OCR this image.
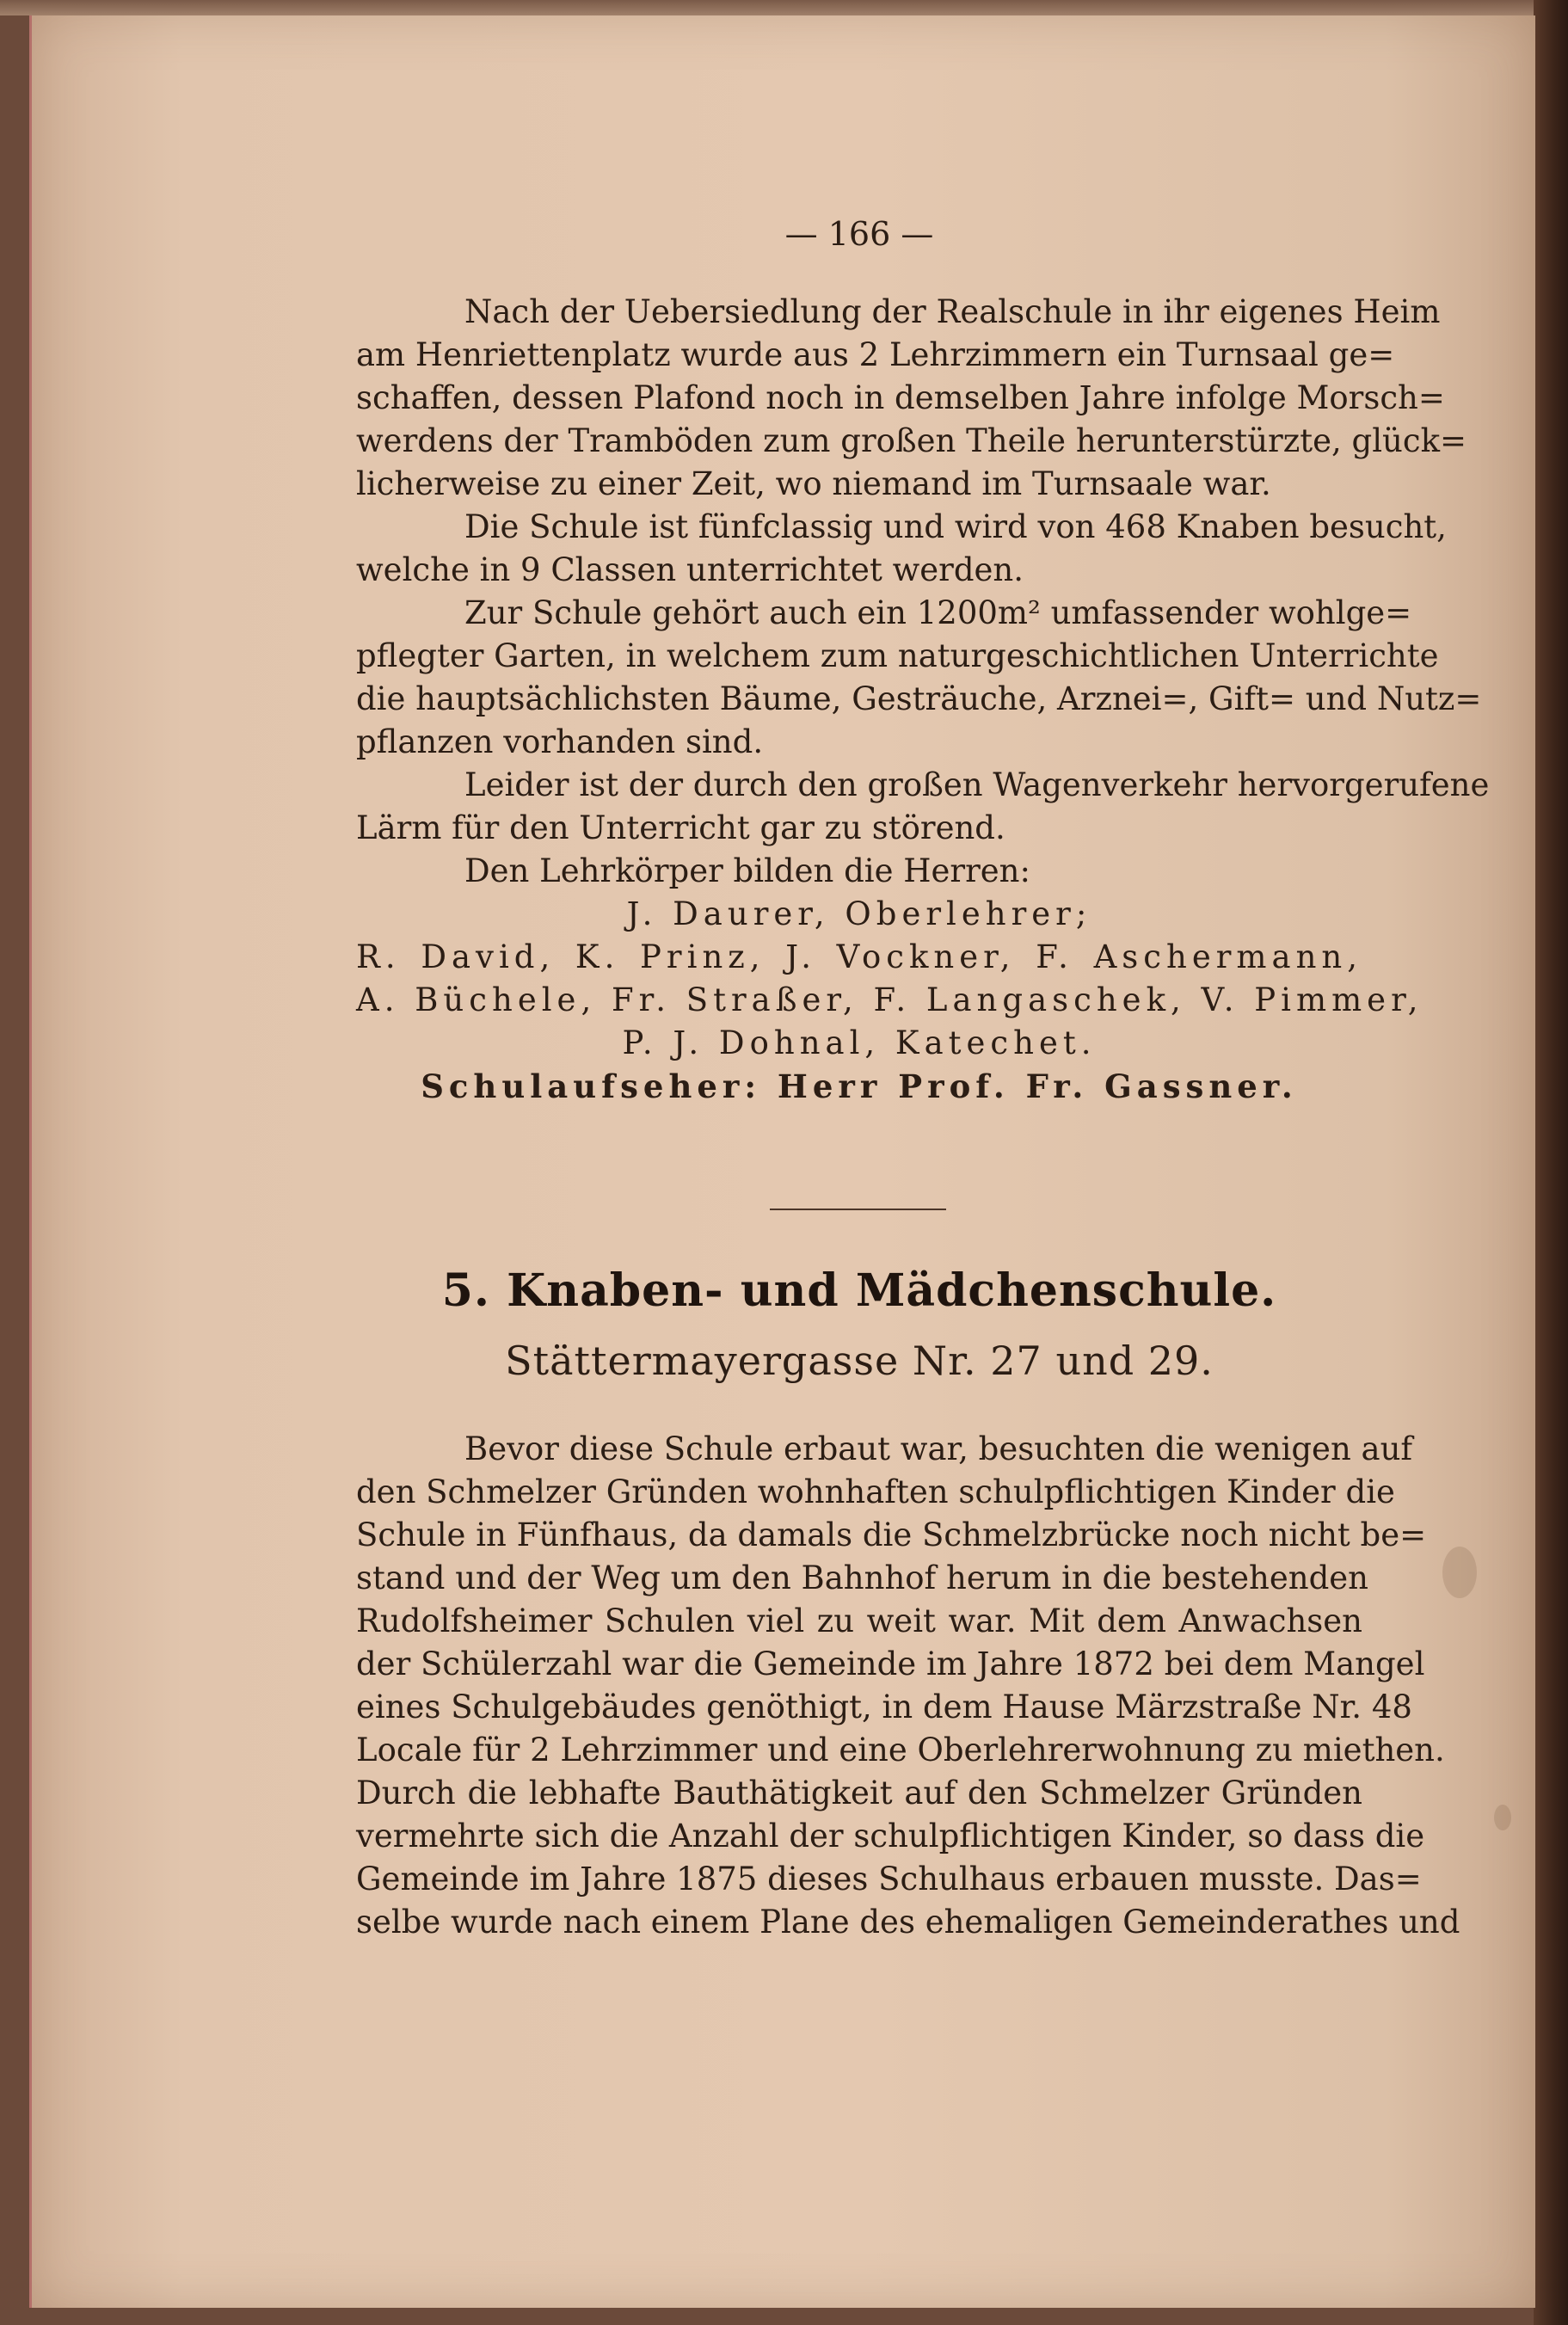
— 166 —
Nach der Uebersiedlung der Realschule in ihr eigenes Heim
am Henriettenplatz wurde aus 2 Lehrzimmern ein Turnsaal ge=
schaffen, dessen Plafond noch in demselben Jahre infolge Morsch=
werdens der Tramböden zum großen Theile herunterstürzte, glück=
licherweise zu einer Zeit, wo niemand im Turnsaale war.
Die Schule ist fünfclassig und wird von 468 Knaben besucht,
welche in 9 Classen unterrichtet werden.
Zur Schule gehört auch ein 1200m² umfassender wohlge=
pflegter Garten, in welchem zum naturgeschichtlichen Unterrichte
die hauptsächlichsten Bäume, Gesträuche, Arznei=, Gift= und Nutz=
pflanzen vorhanden sind.
Leider ist der durch den großen Wagenverkehr hervorgerufene
Lärm für den Unterricht gar zu störend.
Den Lehrkörper bilden die Herren:
J. Daurer, Oberlehrer;
R. David, K. Prinz, J. Vockner, F. Aschermann,
A. Büchele, Fr. Straßer, F. Langaschek, V. Pimmer,
P. J. Dohnal, Katechet.
Schulaufseher: Herr Prof. Fr. Gassner.
5. Knaben- und Mädchenschule.
Stättermayergasse Nr. 27 und 29.
Bevor diese Schule erbaut war, besuchten die wenigen auf
den Schmelzer Gründen wohnhaften schulpflichtigen Kinder die
Schule in Fünfhaus, da damals die Schmelzbrücke noch nicht be=
stand und der Weg um den Bahnhof herum in die bestehenden
Rudolfsheimer Schulen viel zu weit war. Mit dem Anwachsen
der Schülerzahl war die Gemeinde im Jahre 1872 bei dem Mangel
eines Schulgebäudes genöthigt, in dem Hause Märzstraße Nr. 48
Locale für 2 Lehrzimmer und eine Oberlehrerwohnung zu miethen.
Durch die lebhafte Bauthätigkeit auf den Schmelzer Gründen
vermehrte sich die Anzahl der schulpflichtigen Kinder, so dass die
Gemeinde im Jahre 1875 dieses Schulhaus erbauen musste. Das=
selbe wurde nach einem Plane des ehemaligen Gemeinderathes und
